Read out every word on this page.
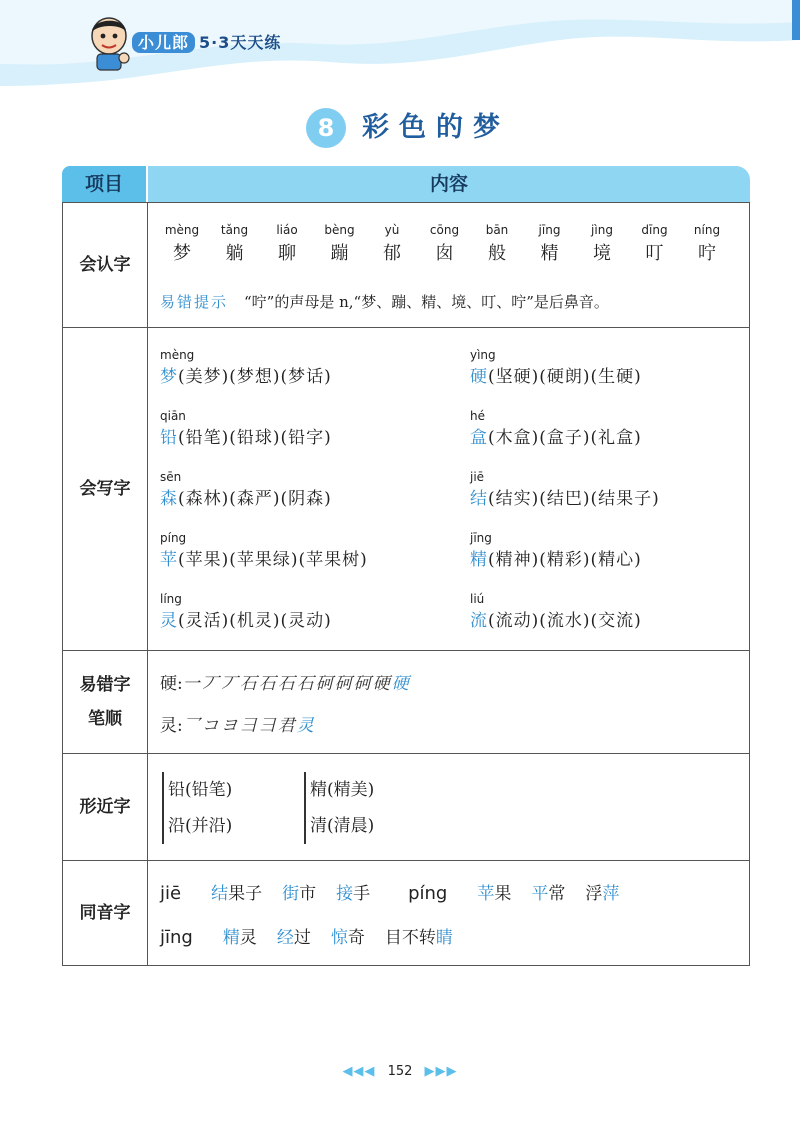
小儿郎 5·3天天练
8	彩色的梦
项目	内容
会认字
易错提示 “咛”的声母是 n,“梦、蹦、精、境、叮、咛”是后鼻音。
mèng
梦
tǎng
躺
liáo
聊
bèng
蹦
yù
郁
cōng
囱
bān
般
jīng
精
jìng
境
dīng
叮
níng
咛
会写字
mèng
梦(美梦)(梦想)(梦话)
yìng
硬(坚硬)(硬朗)(生硬)
qiān
铅(铅笔)(铅球)(铅字)
hé
盒(木盒)(盒子)(礼盒)
sēn
森(森林)(森严)(阴森)
jiē
结(结实)(结巴)(结果子)
píng
苹(苹果)(苹果绿)(苹果树)
jīng
精(精神)(精彩)(精心)
líng
灵(灵活)(机灵)(灵动)
liú
流(流动)(流水)(交流)
易错字
笔顺
硬:一丆丆石石石石砢砢砢硬硬
灵:乛コヨ彐彐君灵
形近字
铅(铅笔)
沿(并沿)
精(精美)
清(清晨)
同音字
jiē 结果子 街市 接手 píng 苹果 平常 浮萍
jīng 精灵 经过 惊奇 目不转睛
◀◀◀ 152 ▶▶▶
